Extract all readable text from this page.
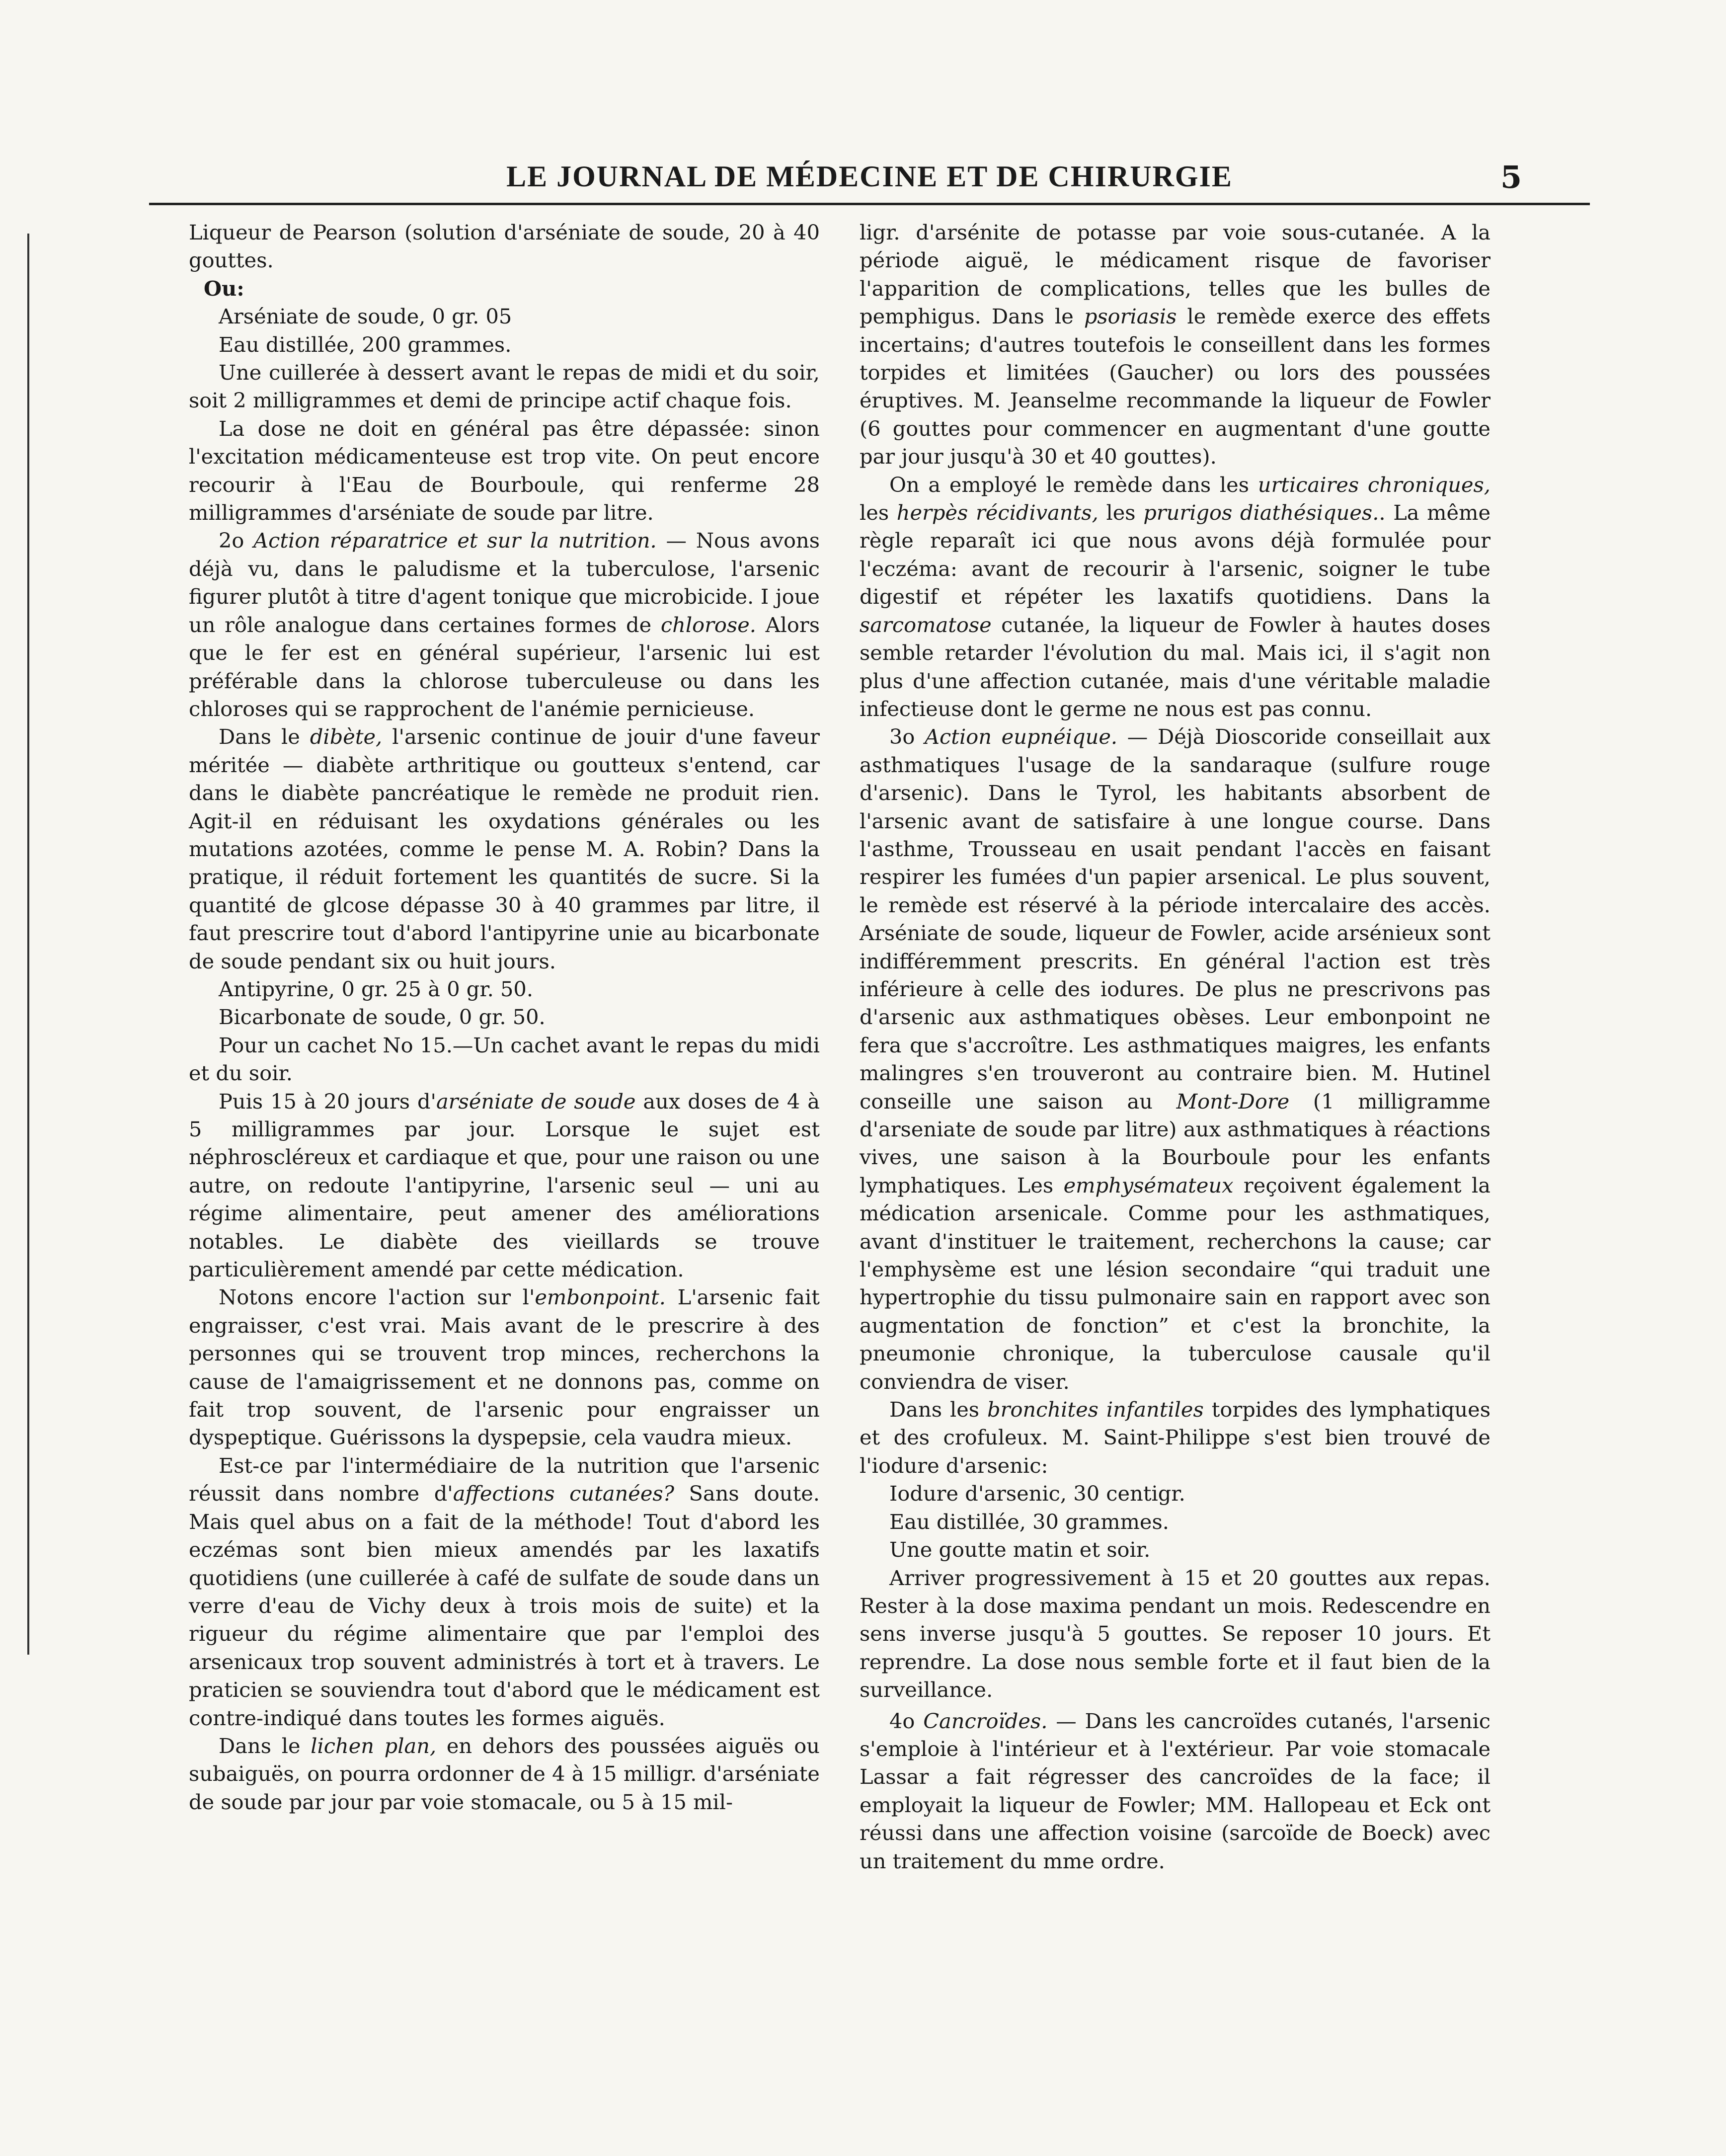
LE JOURNAL DE MÉDECINE ET DE CHIRURGIE	5

Liqueur de Pearson (solution d'arséniate de soude, 20 à 40 gouttes.

Ou:

Arséniate de soude, 0 gr. 05

Eau distillée, 200 grammes.

Une cuillerée à dessert avant le repas de midi et du soir, soit 2 milligrammes et demi de principe actif chaque fois.

La dose ne doit en général pas être dépassée: sinon l'excitation médicamenteuse est trop vite. On peut encore recourir à l'Eau de Bourboule, qui renferme 28 milligrammes d'arséniate de soude par litre.

2o Action réparatrice et sur la nutrition. — Nous avons déjà vu, dans le paludisme et la tuberculose, l'arsenic figurer plutôt à titre d'agent tonique que microbicide. I joue un rôle analogue dans certaines formes de chlorose. Alors que le fer est en général supérieur, l'arsenic lui est préférable dans la chlorose tuberculeuse ou dans les chloroses qui se rapprochent de l'anémie pernicieuse.

Dans le dibète, l'arsenic continue de jouir d'une faveur méritée — diabète arthritique ou goutteux s'entend, car dans le diabète pancréatique le remède ne produit rien. Agit-il en réduisant les oxydations générales ou les mutations azotées, comme le pense M. A. Robin? Dans la pratique, il réduit fortement les quantités de sucre. Si la quantité de glcose dépasse 30 à 40 grammes par litre, il faut prescrire tout d'abord l'antipyrine unie au bicarbonate de soude pendant six ou huit jours.

Antipyrine, 0 gr. 25 à 0 gr. 50.

Bicarbonate de soude, 0 gr. 50.

Pour un cachet No 15.—Un cachet avant le repas du midi et du soir.

Puis 15 à 20 jours d'arséniate de soude aux doses de 4 à 5 milligrammes par jour. Lorsque le sujet est néphroscléreux et cardiaque et que, pour une raison ou une autre, on redoute l'antipyrine, l'arsenic seul — uni au régime alimentaire, peut amener des améliorations notables. Le diabète des vieillards se trouve particulièrement amendé par cette médication.

Notons encore l'action sur l'embonpoint. L'arsenic fait engraisser, c'est vrai. Mais avant de le prescrire à des personnes qui se trouvent trop minces, recherchons la cause de l'amaigrissement et ne donnons pas, comme on fait trop souvent, de l'arsenic pour engraisser un dyspeptique. Guérissons la dyspepsie, cela vaudra mieux.

Est-ce par l'intermédiaire de la nutrition que l'arsenic réussit dans nombre d'affections cutanées? Sans doute. Mais quel abus on a fait de la méthode! Tout d'abord les eczémas sont bien mieux amendés par les laxatifs quotidiens (une cuillerée à café de sulfate de soude dans un verre d'eau de Vichy deux à trois mois de suite) et la rigueur du régime alimentaire que par l'emploi des arsenicaux trop souvent administrés à tort et à travers. Le praticien se souviendra tout d'abord que le médicament est contre-indiqué dans toutes les formes aiguës.

Dans le lichen plan, en dehors des poussées aiguës ou subaiguës, on pourra ordonner de 4 à 15 milligr. d'arséniate de soude par jour par voie stomacale, ou 5 à 15 mil-

ligr. d'arsénite de potasse par voie sous-cutanée. A la période aiguë, le médicament risque de favoriser l'apparition de complications, telles que les bulles de pemphigus. Dans le psoriasis le remède exerce des effets incertains; d'autres toutefois le conseillent dans les formes torpides et limitées (Gaucher) ou lors des poussées éruptives. M. Jeanselme recommande la liqueur de Fowler (6 gouttes pour commencer en augmentant d'une goutte par jour jusqu'à 30 et 40 gouttes).

On a employé le remède dans les urticaires chroniques, les herpès récidivants, les prurigos diathésiques.. La même règle reparaît ici que nous avons déjà formulée pour l'eczéma: avant de recourir à l'arsenic, soigner le tube digestif et répéter les laxatifs quotidiens. Dans la sarcomatose cutanée, la liqueur de Fowler à hautes doses semble retarder l'évolution du mal. Mais ici, il s'agit non plus d'une affection cutanée, mais d'une véritable maladie infectieuse dont le germe ne nous est pas connu.

3o Action eupnéique. — Déjà Dioscoride conseillait aux asthmatiques l'usage de la sandaraque (sulfure rouge d'arsenic). Dans le Tyrol, les habitants absorbent de l'arsenic avant de satisfaire à une longue course. Dans l'asthme, Trousseau en usait pendant l'accès en faisant respirer les fumées d'un papier arsenical. Le plus souvent, le remède est réservé à la période intercalaire des accès. Arséniate de soude, liqueur de Fowler, acide arsénieux sont indifféremment prescrits. En général l'action est très inférieure à celle des iodures. De plus ne prescrivons pas d'arsenic aux asthmatiques obèses. Leur embonpoint ne fera que s'accroître. Les asthmatiques maigres, les enfants malingres s'en trouveront au contraire bien. M. Hutinel conseille une saison au Mont-Dore (1 milligramme d'arseniate de soude par litre) aux asthmatiques à réactions vives, une saison à la Bourboule pour les enfants lymphatiques. Les emphysémateux reçoivent également la médication arsenicale. Comme pour les asthmatiques, avant d'instituer le traitement, recherchons la cause; car l'emphysème est une lésion secondaire “qui traduit une hypertrophie du tissu pulmonaire sain en rapport avec son augmentation de fonction” et c'est la bronchite, la pneumonie chronique, la tuberculose causale qu'il conviendra de viser.

Dans les bronchites infantiles torpides des lymphatiques et des crofuleux. M. Saint-Philippe s'est bien trouvé de l'iodure d'arsenic:

Iodure d'arsenic, 30 centigr.

Eau distillée, 30 grammes.

Une goutte matin et soir.

Arriver progressivement à 15 et 20 gouttes aux repas. Rester à la dose maxima pendant un mois. Redescendre en sens inverse jusqu'à 5 gouttes. Se reposer 10 jours. Et reprendre. La dose nous semble forte et il faut bien de la surveillance.

4o Cancroïdes. — Dans les cancroïdes cutanés, l'arsenic s'emploie à l'intérieur et à l'extérieur. Par voie stomacale Lassar a fait régresser des cancroïdes de la face; il employait la liqueur de Fowler; MM. Hallopeau et Eck ont réussi dans une affection voisine (sarcoïde de Boeck) avec un traitement du mme ordre.
